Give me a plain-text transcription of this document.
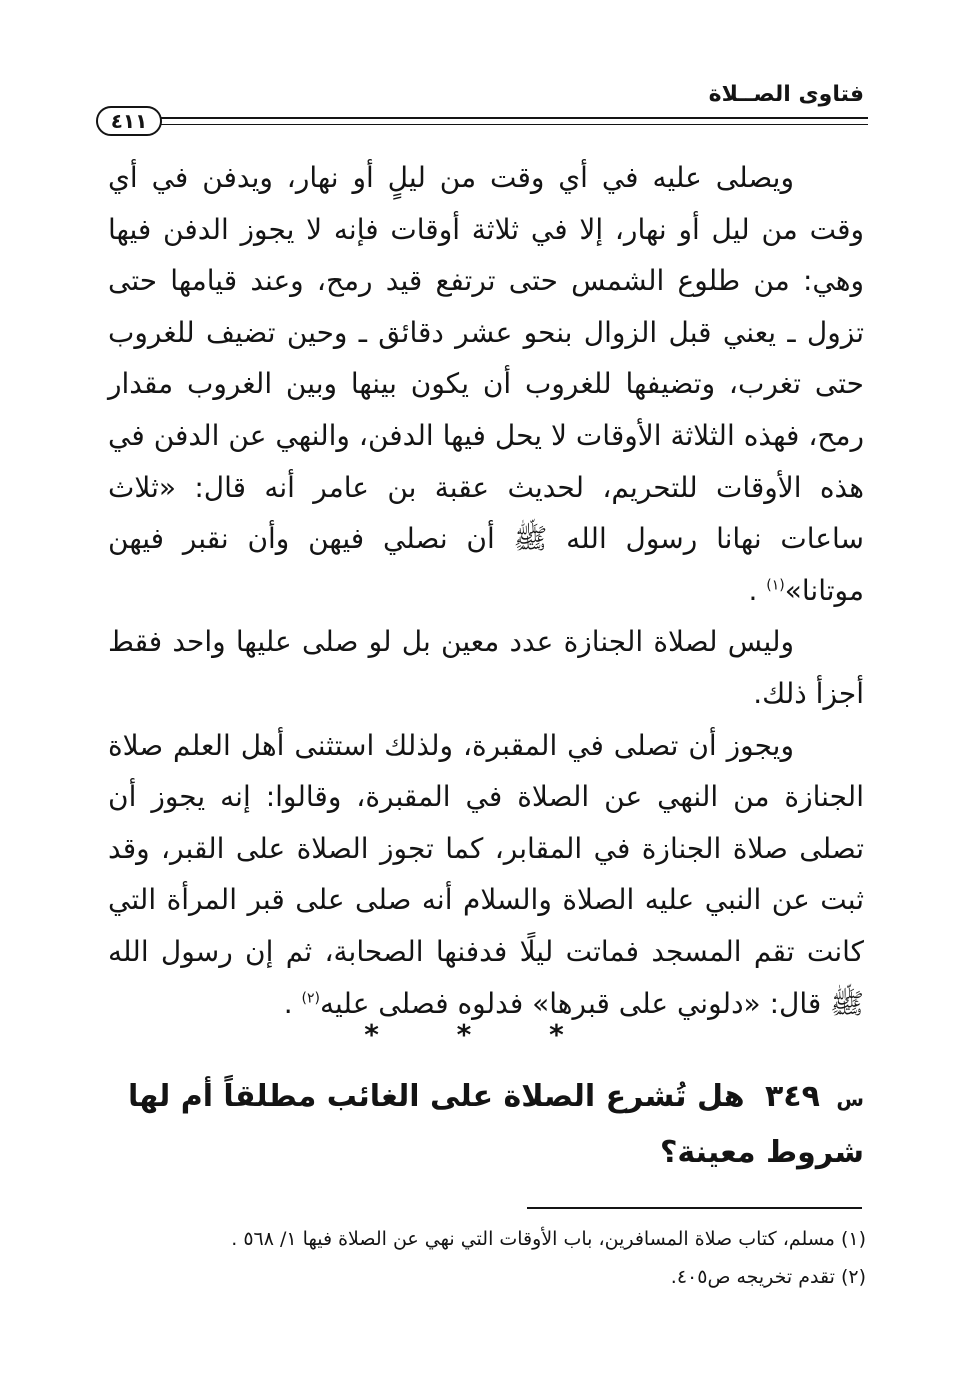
فتاوى الصــلاة
٤١١

ويصلى عليه في أي وقت من ليلٍ أو نهار، ويدفن في أي وقت من ليل أو نهار، إلا في ثلاثة أوقات فإنه لا يجوز الدفن فيها وهي: من طلوع الشمس حتى ترتفع قيد رمح، وعند قيامها حتى تزول ـ يعني قبل الزوال بنحو عشر دقائق ـ وحين تضيف للغروب حتى تغرب، وتضيفها للغروب أن يكون بينها وبين الغروب مقدار رمح، فهذه الثلاثة الأوقات لا يحل فيها الدفن، والنهي عن الدفن في هذه الأوقات للتحريم، لحديث عقبة بن عامر أنه قال: «ثلاث ساعات نهانا رسول الله ﷺ أن نصلي فيهن وأن نقبر فيهن موتانا»$^{(١)}$ .

وليس لصلاة الجنازة عدد معين بل لو صلى عليها واحد فقط أجزأ ذلك.

ويجوز أن تصلى في المقبرة، ولذلك استثنى أهل العلم صلاة الجنازة من النهي عن الصلاة في المقبرة، وقالوا: إنه يجوز أن تصلى صلاة الجنازة في المقابر، كما تجوز الصلاة على القبر، وقد ثبت عن النبي عليه الصلاة والسلام أنه صلى على قبر المرأة التي كانت تقم المسجد فماتت ليلًا فدفنها الصحابة، ثم إن رسول الله ﷺ قال: «دلوني على قبرها» فدلوه فصلى عليه$^{(٢)}$ .

* * *
س ٣٤٩ هل تُشرع الصلاة على الغائب مطلقاً أم لها شروط معينة؟
(١) مسلم، كتاب صلاة المسافرين، باب الأوقات التي نهي عن الصلاة فيها ١/ ٥٦٨ .
(٢) تقدم تخريجه ص٤٠٥.
